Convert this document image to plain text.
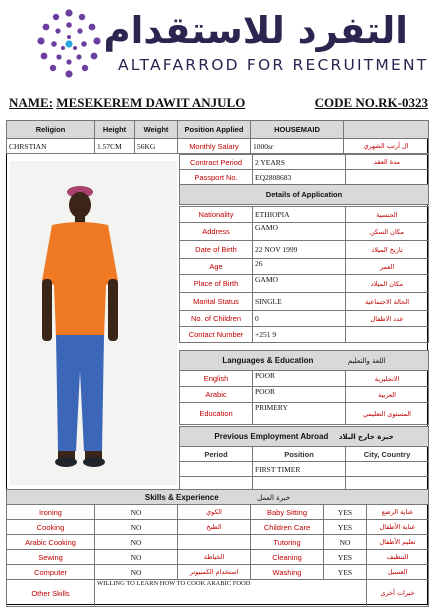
التفرد للاستقدام
ALTAFARROD FOR RECRUITMENT
NAME: MESEKEREM DAWIT ANJULO	CODE NO.RK-0323
Religion	Height	Weight	Position Applied	HOUSEMAID	
CHRSTIAN	1.57CM	56KG	Monthly Salary	1000sr	ال أرتب الشهري
Contract Period	2 YEARS	مدة العقد
Passport No.	EQ2808683	
Details of Application		
Nationality	ETHIOPIA	الجنسية
Address	GAMO	مكان السكن
Date of Birth	22 NOV 1999	تاريخ الميلاد
Age	26	العمر
Place of Birth	GAMO	مكان الميلاد
Marital Status	SINGLE	الحالة الاجتماعية
No. of Children	0	عدد الاطفال
Contact Number	+251 9	
Languages & Education اللغة والتعليم		
English	POOR	الانجليزية
Arabic	POOR	العربية
Education	PRIMERY	المستوى التعليمي
Previous Employment Abroad خبرة خارج البلاد		
Period	Position	City, Country
	FIRST TIMER	

Skills & Experience خبرة العمل					
Ironing	NO	الكوي	Baby Sitting	YES	عناية الرضع
Cooking	NO	الطبخ	Children Care	YES	عناية الأطفال
Arabic Cooking	NO		Tutoring	NO	تعليم الأطفال
Sewing	NO	الخياطة	Cleaning	YES	التنظيف
Computer	NO	استخدام الكمبيوتر	Washing	YES	الغسيل
Other Skills	WILLING TO LEARN HOW TO COOK ARABIC FOOD				خبرات أخرى
